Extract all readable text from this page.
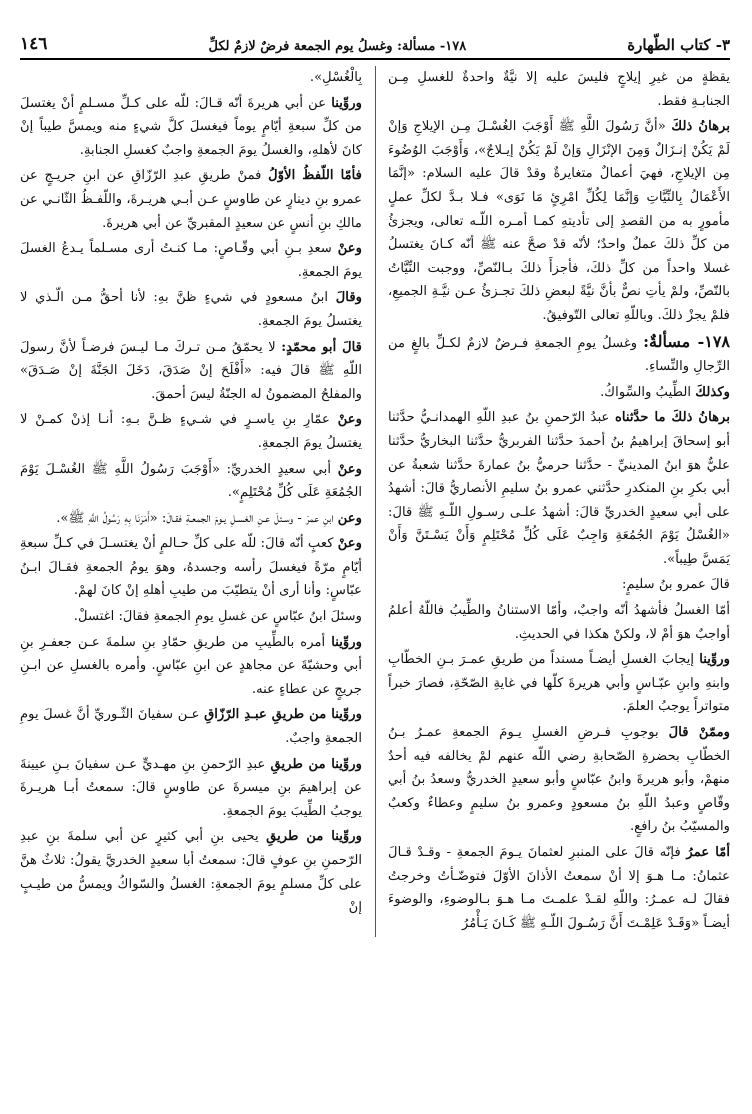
٣- كتاب الطّهارة
١٧٨- مسألة: وغسلُ يوم الجمعة فرضٌ لازمٌ لكلِّ
١٤٦

يقظةٍ من غيرِ إيلاجٍ فليسَ عليه إلا نيَّةٌ واحدةٌ للغسلِ مِـن الجنابـةِ فقط.

برهانُ ذلكَ «أنَّ رَسُولَ اللَّهِ ﷺ أَوْجَبَ الغُسْـلَ مِـن الإيلاجِ وَإنْ لَمْ يَكُنْ إنـزَالٌ وَمِنَ الإنْزَالِ وَإنْ لَمْ يَكُنْ إيـلاجٌ»، وَأَوْجَبَ الوُضُوءَ مِن الإيلاجِ، فهيَ أعمالٌ متغايرةٌ وقدْ قالَ عليه السلام: «إنَّمَا الأَعْمَالُ بِالنِّيَّاتِ وَإنَّمَا لِكُلِّ امْرِئٍ مَا نَوَى» فـلا بـدَّ لكلِّ عملٍ مأمورٍ به من القصدِ إلى تأديتهِ كمـا أمـره اللّـه تعالى، ويجزئُ من كلِّ ذلكَ عملٌ واحدٌ؛ لأنّه قدْ صحَّ عنه ﷺ أنّه كـانَ يغتسلُ غسلا واحداً من كلِّ ذلكَ، فأجزأَ ذلكَ بـالنّصِّ، ووجبت النِّيَّاتُ بالنّصِّ، ولمْ يأتِ نصٌّ بأنَّ نيَّةً لبعضِ ذلكَ تجـزئُ عـن نيَّـةِ الجميعِ، فلمْ يجزْ ذلكَ. وباللّهِ تعالى التّوفيقُ.

١٧٨- مسألةٌ: وغسلُ يومِ الجمعةِ فـرضٌ لازمٌ لكـلِّ بالغٍ من الرِّجالِ والنِّساءِ.

وكذلكَ الطِّيبُ والسِّواكُ.

برهانُ ذلكَ ما حدَّثناه عبدُ الرّحمنِ بنُ عبدِ اللّهِ الهمدانـيُّ حدَّثنا أبو إسحاقَ إبراهيمُ بنُ أحمدَ حدَّثنا الفربريُّ حدَّثنا البخاريُّ حدَّثنا عليٌّ هوَ ابنُ المدينيِّ - حدَّثنا حرميُّ بنُ عمارةَ حدَّثنا شعبةُ عن أبي بكرِ بنِ المنكدرِ حدَّثني عمرو بنُ سليمِ الأنصاريُّ قالَ: أشهدُ على أبي سعيدٍ الخدريِّ قالَ: أشهدُ علـى رسـولِ اللّـهِ ﷺ قالَ: «الغُسْلُ يَوْمَ الجُمُعَةِ وَاجِبٌ عَلَى كُلِّ مُحْتَلِمٍ وَأَنْ يَسْـتَنَّ وَأَنْ يَمَسَّ طِيباً».

قالَ عمرو بنُ سليمٍ:

أمّا الغسلُ فأشهدُ أنّه واجبٌ، وأمّا الاستنانُ والطِّيبُ فاللّهُ أعلمُ أواجبٌ هوَ أمْ لا، ولكنْ هكذا في الحديثِ.

وروِّينا إيجابَ الغسلِ أيضـاً مسنداً من طريقِ عمـرَ بـنِ الخطّابِ وابنهِ وابنِ عبّـاسٍ وأبي هريرةَ كلّها في غايةِ الصّحّةِ، فصارَ خبراً متواتراً يوجبُ العلمَ.

وممّنْ قالَ بوجوبِ فـرضِ الغسلِ يـومَ الجمعةِ عمـرُ بـنُ الخطّابِ بحضرةِ الصّحابةِ رضي اللّه عنهم لمْ يخالفه فيه أحدٌ منهمْ، وأبو هريرةَ وابنُ عبّاسٍ وأبو سعيدٍ الخدريُّ وسعدُ بنُ أبي وقّاصٍ وعبدُ اللّهِ بنُ مسعودٍ وعمرو بنُ سليمٍ وعطاءٌ وكعبٌ والمسيّبُ بنُ رافعٍ.

أمّا عمرُ فإنّه قالَ على المنبرِ لعثمانَ يـومَ الجمعةِ - وقـدْ قـالَ عثمانُ: مـا هـوَ إلا أنْ سمعتُ الأذانَ الأوّلَ فتوضّـأتُ وخرجتُ فقالَ لـه عمـرُ: واللّهِ لقـدْ علمـتَ مـا هـوَ بـالوضوءِ، والوضوءَ أيضـاً «وَقَـدْ عَلِمْـتَ أَنَّ رَسُـولَ اللّـهِ ﷺ كَـانَ يَـأْمُرُ

بِالْغُسْلِ».

وروِّينا عن أبي هريرةَ أنّه قـالَ: للّه على كـلِّ مسـلمٍ أنْ يغتسلَ من كلِّ سبعةِ أيّامٍ يوماً فيغسلَ كلَّ شيءٍ منه ويمسَّ طيباً إنْ كانَ لأهلهِ، والغسلُ يومَ الجمعةِ واجبٌ كغسلِ الجنابةِ.

فأمّا اللّفظُ الأوّلُ فمنْ طريقِ عبدِ الرّزّاقِ عن ابنِ جريـجٍ عن عمرو بنِ دينارٍ عن طاوسٍ عـن أبـي هريـرةَ، واللّفـظُ الثّانـي عن مالكِ بنِ أنسٍ عن سعيدٍ المقبريِّ عن أبي هريرةَ.

وعنْ سعدِ بـنِ أبي وقّـاصٍ: مـا كنـتُ أرى مسـلماً يـدعُ الغسلَ يومَ الجمعةِ.

وقالَ ابنُ مسعودٍ في شيءٍ ظنَّ بهِ: لأنا أحقُّ مـن الّـذي لا يغتسلُ يومَ الجمعةِ.

قالَ أبو محمّدٍ: لا يحمّقُ مـن تـركَ مـا ليـسَ فرضـاً لأنَّ رسولَ اللّهِ ﷺ قالَ فيه: «أَفْلَحَ إنْ صَدَقَ، دَخَلَ الجَنَّةَ إنْ صَـدَقَ» والمفلحُ المضمونُ له الجنّةُ ليسَ أحمقَ.

وعنْ عمّارِ بنِ ياسـرٍ في شـيءٍ ظـنَّ بـهِ: أنـا إذنْ كمـنْ لا يغتسلُ يومَ الجمعةِ.

وعنْ أبي سعيدٍ الخدريِّ: «أَوْجَبَ رَسُولُ اللَّهِ ﷺ الغُسْـلَ يَوْمَ الجُمُعَةِ عَلَى كُلِّ مُحْتَلِمٍ».

وعن ابنِ عمرَ - وسـئلَ عـنِ الغسـلِ يـومَ الجمعـةِ فقـالَ: «أَمَرَنَا بِهِ رَسُولُ اللَّهِ ﷺ».

وعنْ كعبٍ أنّه قالَ: للّه على كلِّ حـالمٍ أنْ يغتسـلَ في كـلِّ سبعةِ أيّامٍ مرّةً فيغسلَ رأسه وجسدهُ، وهوَ يومُ الجمعةِ فقـالَ ابـنُ عبّاسٍ: وأنا أرى أنْ يتطيّبَ من طيبِ أهلهِ إنْ كانَ لهمْ.

وسئلَ ابنُ عبّاسٍ عن غسلِ يومِ الجمعةِ فقالَ: اغتسلْ.

وروِّينا أمره بالطِّيبِ من طريقِ حمّادِ بنِ سلمةَ عـن جعفـرِ بنِ أبي وحشيّةَ عن مجاهدٍ عن ابنِ عبّاسٍ. وأمره بالغسلِ عن ابـنِ جريجٍ عن عطاءٍ عنه.

وروِّينا من طريقِ عبـدِ الرّزّاقِ عـن سفيانَ الثّـوريِّ أنَّ غسلَ يومِ الجمعةِ واجبٌ.

وروِّينا من طريقِ عبدِ الرّحمنِ بنِ مهـديٍّ عـن سفيانَ بـنِ عيينةَ عن إبراهيمَ بنِ ميسرةَ عن طاوسٍ قالَ: سمعتُ أبـا هريـرةَ يوجبُ الطِّيبَ يومَ الجمعةِ.

وروِّينا من طريقِ يحيى بنِ أبي كثيرٍ عن أبي سلمةَ بنِ عبدِ الرّحمنِ بنِ عوفٍ قالَ: سمعتُ أبا سعيدٍ الخدريَّ يقولُ: ثلاثٌ هنَّ على كلِّ مسلمٍ يومَ الجمعةِ: الغسلُ والسّواكُ ويمسُّ من طيـبٍ إنْ
